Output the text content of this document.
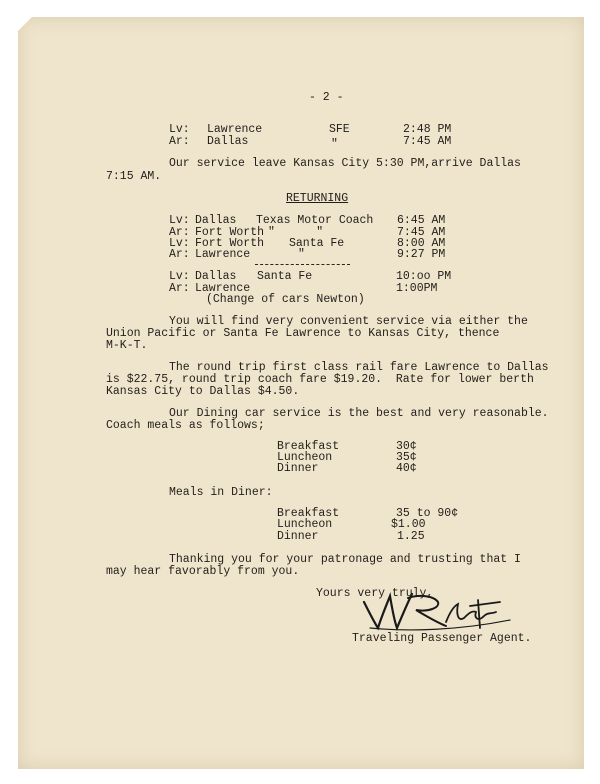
- 2 -
Lv: Lawrence	SFE	2:48 PM
Ar: Dallas	"	7:45 AM
Our service leave Kansas City 5:30 PM,arrive Dallas
7:15 AM.
RETURNING
Lv: Dallas Texas Motor Coach 6:45 AM
Ar: Fort Worth "      "	7:45 AM
Lv: Fort Worth Santa Fe	8:00 AM
Ar: Lawrence	"	9:27 PM
Lv: Dallas Santa Fe	10:oo PM
Ar: Lawrence	1:00PM
(Change of cars Newton)
You will find very convenient service via either the
Union Pacific or Santa Fe Lawrence to Kansas City, thence
M-K-T.
The round trip first class rail fare Lawrence to Dallas
is $22.75, round trip coach fare $19.20.  Rate for lower berth
Kansas City to Dallas $4.50.
Our Dining car service is the best and very reasonable.
Coach meals as follows;
Breakfast	30¢
Luncheon	35¢
Dinner	40¢
Meals in Diner:
Breakfast	35 to 90¢
Luncheon	$1.00
Dinner	1.25
Thanking you for your patronage and trusting that I
may hear favorably from you.
Yours very truly,
Traveling Passenger Agent.
